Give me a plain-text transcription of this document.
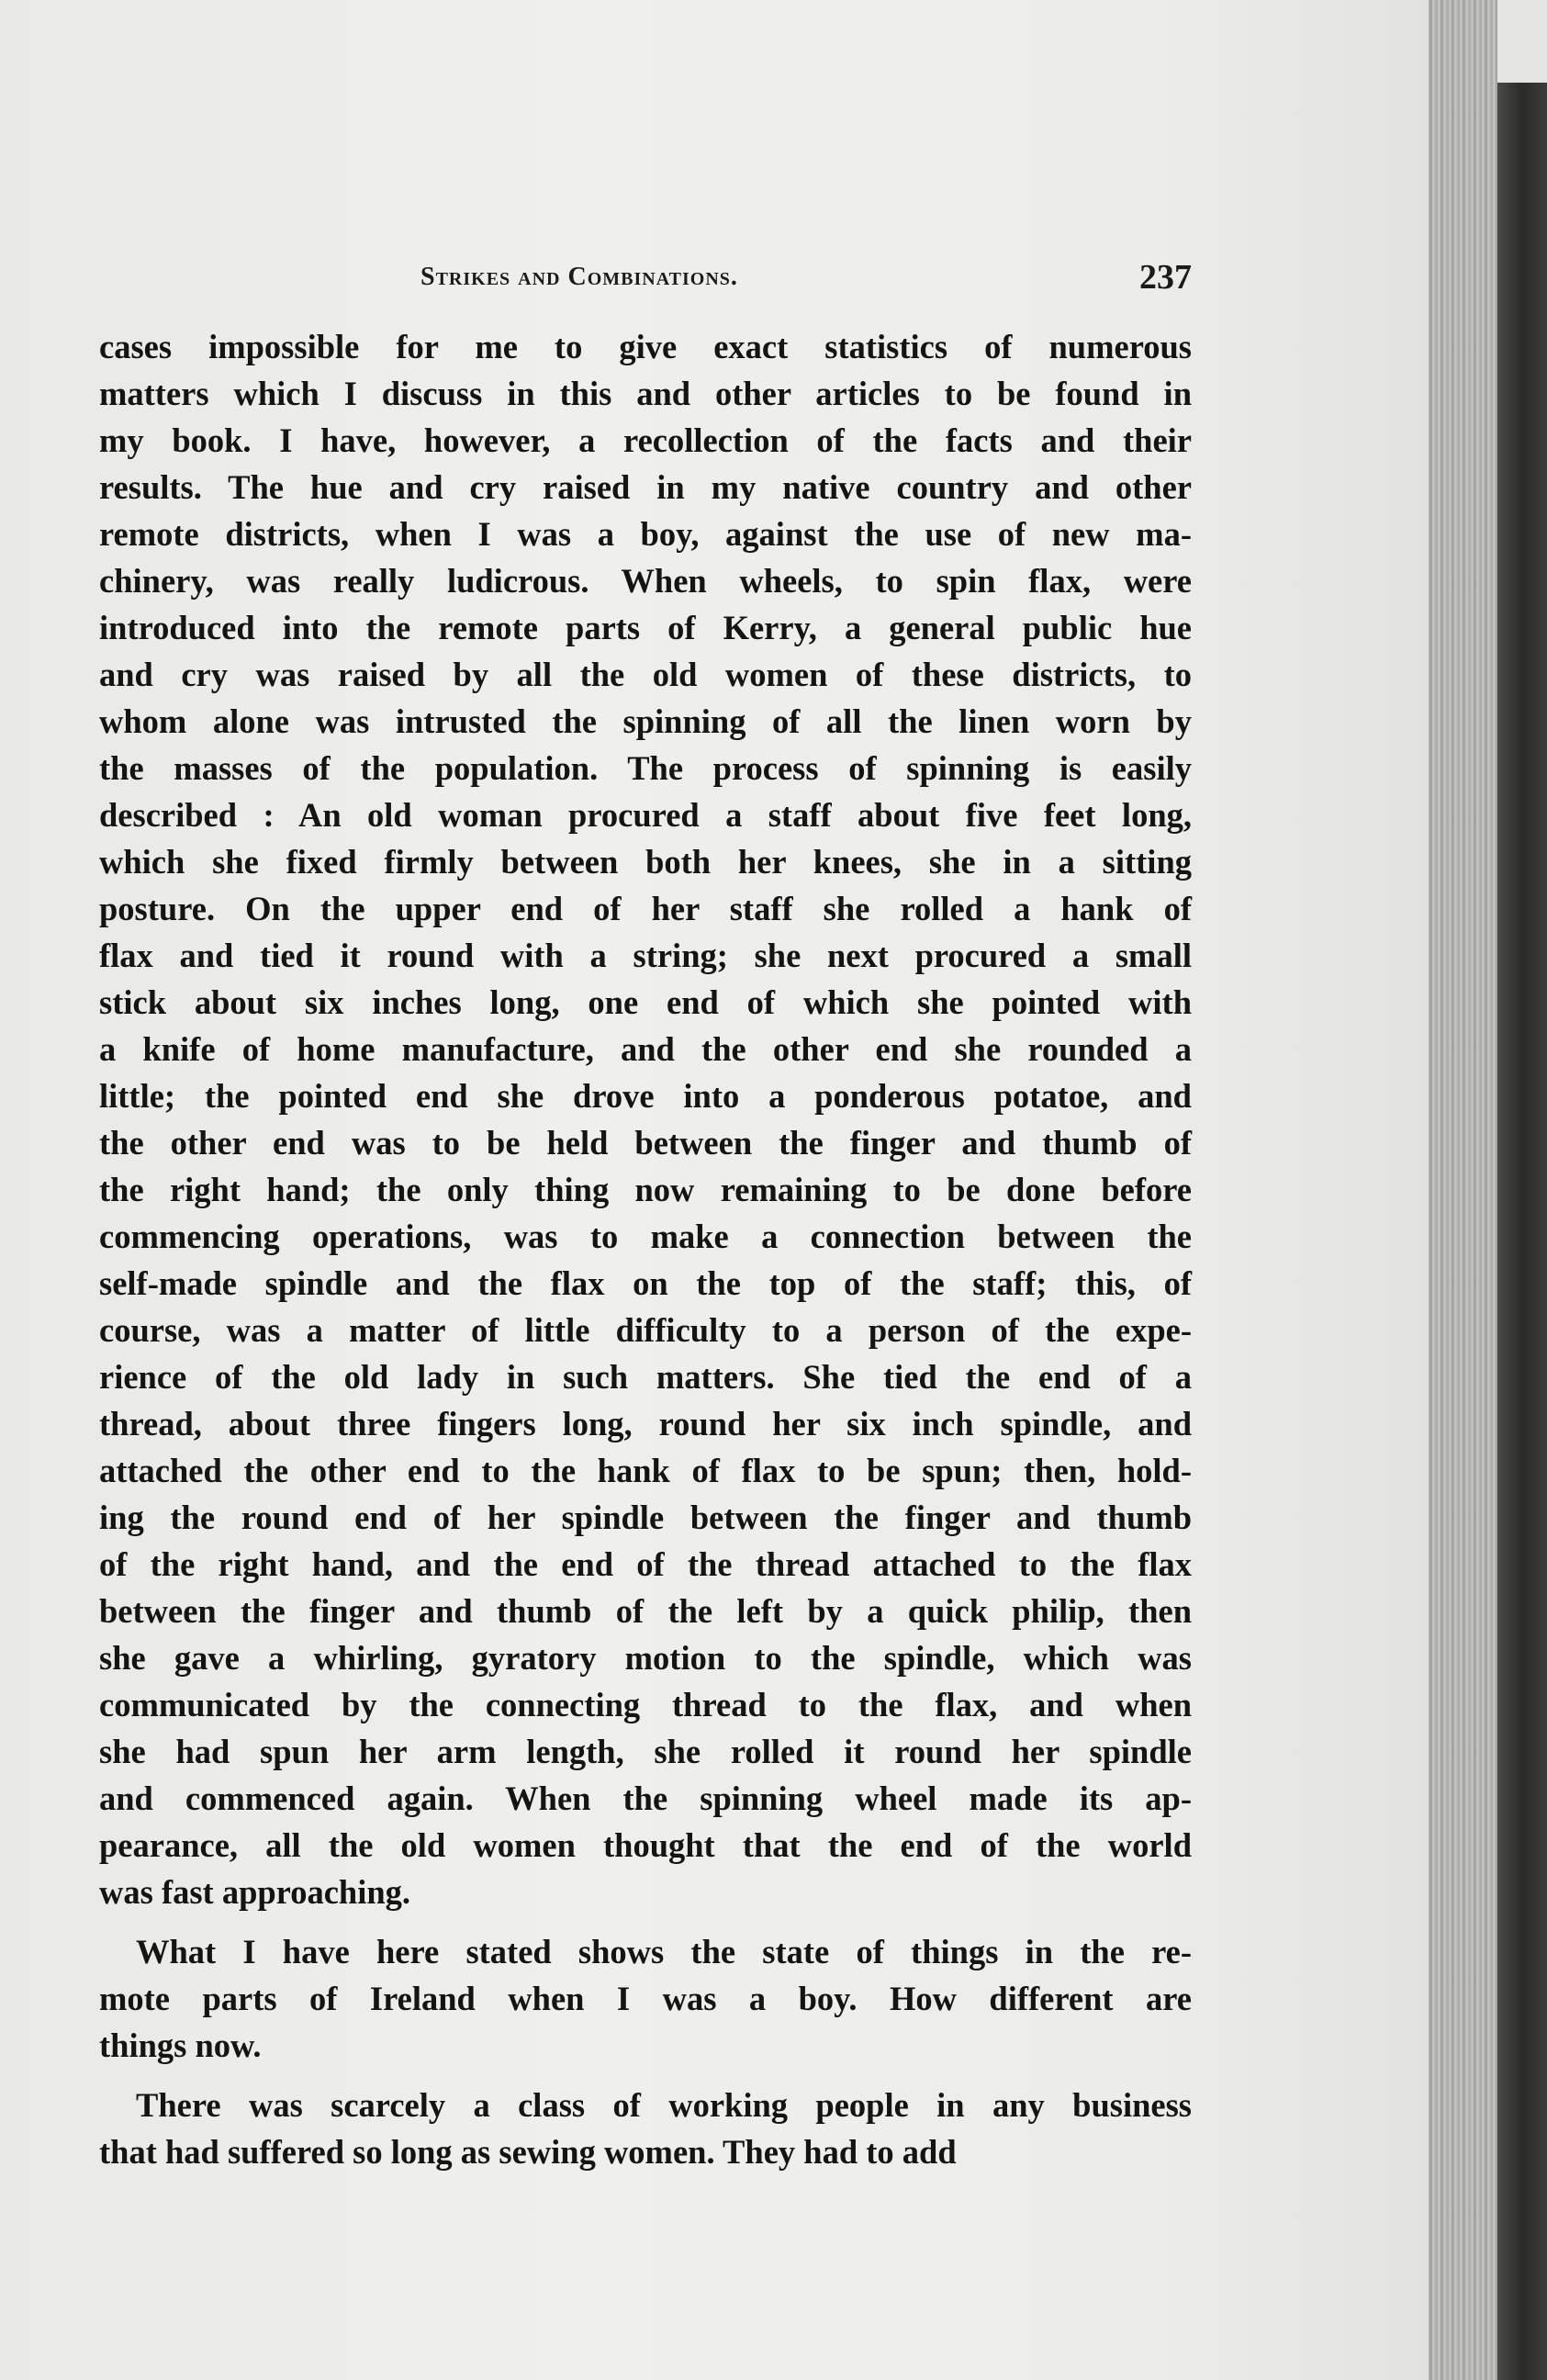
Strikes and Combinations.	237
cases impossible for me to give exact statistics of numerous
matters which I discuss in this and other articles to be found in
my book. I have, however, a recollection of the facts and their
results. The hue and cry raised in my native country and other
remote districts, when I was a boy, against the use of new ma-
chinery, was really ludicrous. When wheels, to spin flax, were
introduced into the remote parts of Kerry, a general public hue
and cry was raised by all the old women of these districts, to
whom alone was intrusted the spinning of all the linen worn by
the masses of the population. The process of spinning is easily
described : An old woman procured a staff about five feet long,
which she fixed firmly between both her knees, she in a sitting
posture. On the upper end of her staff she rolled a hank of
flax and tied it round with a string; she next procured a small
stick about six inches long, one end of which she pointed with
a knife of home manufacture, and the other end she rounded a
little; the pointed end she drove into a ponderous potatoe, and
the other end was to be held between the finger and thumb of
the right hand; the only thing now remaining to be done before
commencing operations, was to make a connection between the
self-made spindle and the flax on the top of the staff; this, of
course, was a matter of little difficulty to a person of the expe-
rience of the old lady in such matters. She tied the end of a
thread, about three fingers long, round her six inch spindle, and
attached the other end to the hank of flax to be spun; then, hold-
ing the round end of her spindle between the finger and thumb
of the right hand, and the end of the thread attached to the flax
between the finger and thumb of the left by a quick philip, then
she gave a whirling, gyratory motion to the spindle, which was
communicated by the connecting thread to the flax, and when
she had spun her arm length, she rolled it round her spindle
and commenced again. When the spinning wheel made its ap-
pearance, all the old women thought that the end of the world
was fast approaching.
What I have here stated shows the state of things in the re-
mote parts of Ireland when I was a boy. How different are
things now.
There was scarcely a class of working people in any business
that had suffered so long as sewing women. They had to add
